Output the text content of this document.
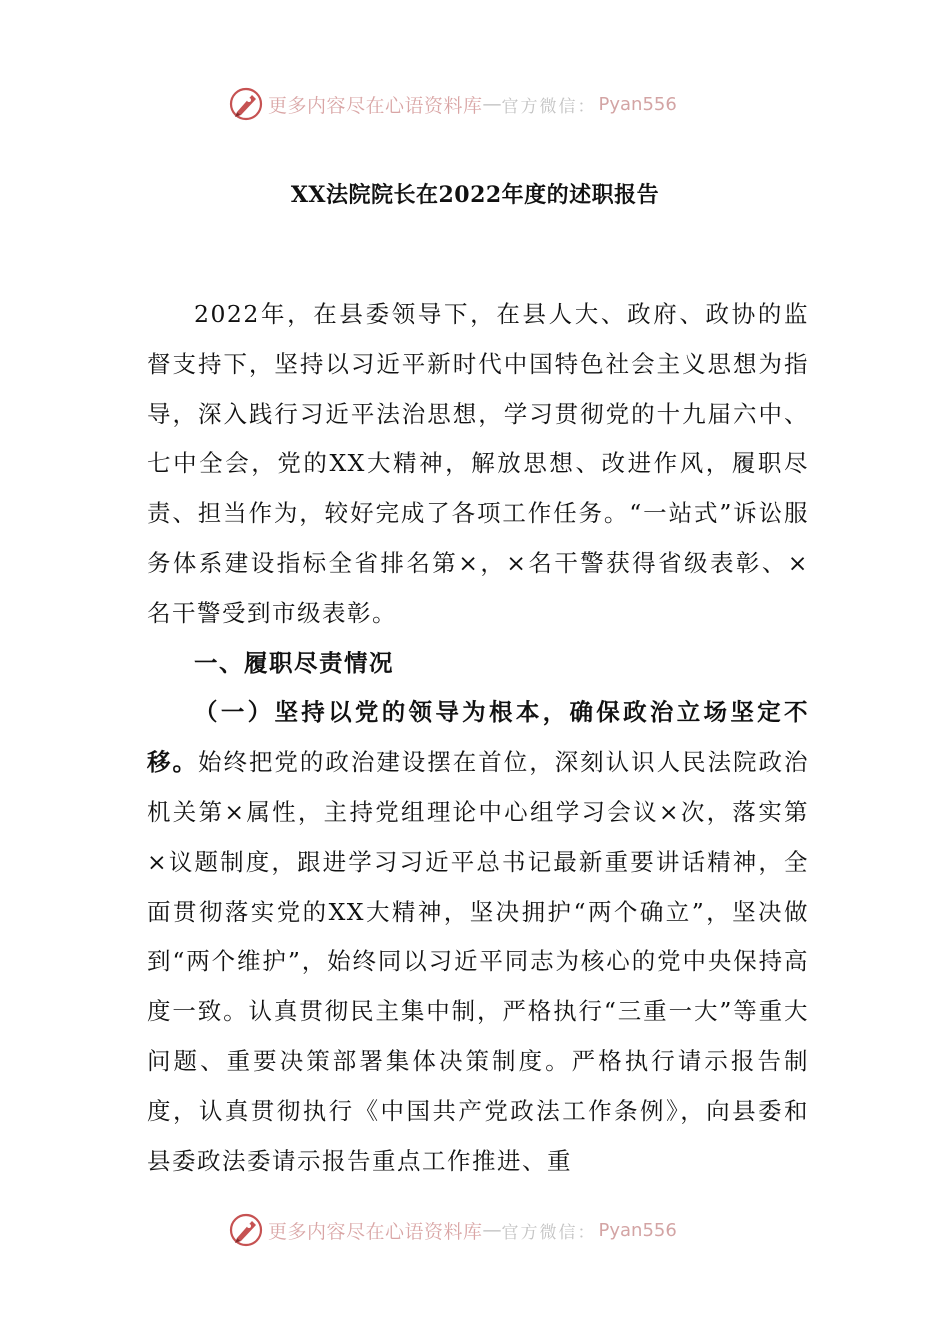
更多内容尽在心语资料库 — 官方微信： Pyan556
XX法院院长在2022年度的述职报告

2022年，在县委领导下，在县人大、政府、政协的监督支持下，坚持以习近平新时代中国特色社会主义思想为指导，深入践行习近平法治思想，学习贯彻党的十九届六中、七中全会，党的XX大精神，解放思想、改进作风，履职尽责、担当作为，较好完成了各项工作任务。“一站式”诉讼服务体系建设指标全省排名第×，×名干警获得省级表彰、×名干警受到市级表彰。

一、履职尽责情况

（一）坚持以党的领导为根本，确保政治立场坚定不移。始终把党的政治建设摆在首位，深刻认识人民法院政治机关第×属性，主持党组理论中心组学习会议×次，落实第×议题制度，跟进学习习近平总书记最新重要讲话精神，全面贯彻落实党的XX大精神，坚决拥护“两个确立”，坚决做到“两个维护”，始终同以习近平同志为核心的党中央保持高度一致。认真贯彻民主集中制，严格执行“三重一大”等重大问题、重要决策部署集体决策制度。严格执行请示报告制度，认真贯彻执行《中国共产党政法工作条例》，向县委和县委政法委请示报告重点工作推进、重

更多内容尽在心语资料库 — 官方微信： Pyan556
